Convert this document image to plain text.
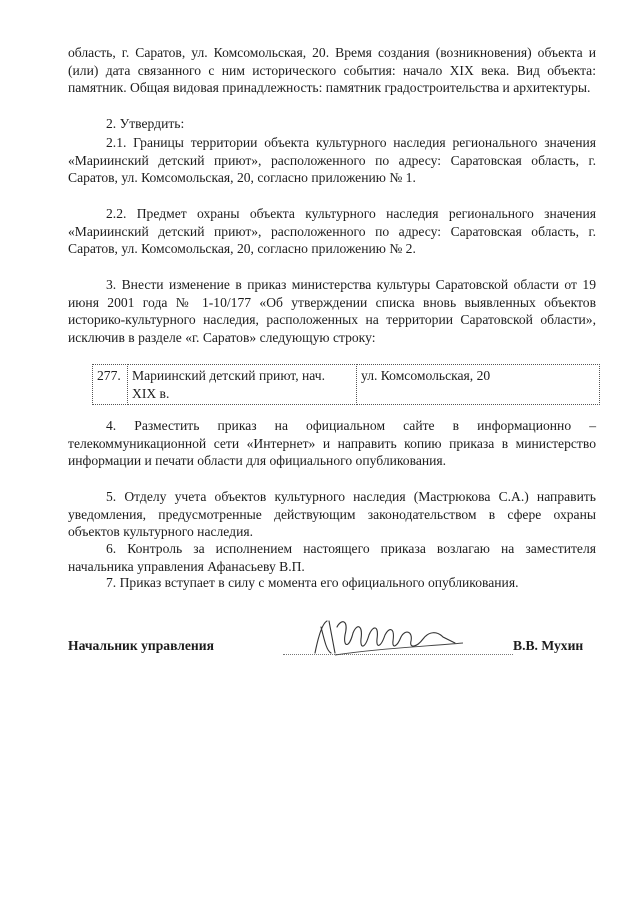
область, г. Саратов, ул. Комсомольская, 20. Время создания (возникновения) объекта и (или) дата связанного с ним исторического события: начало XIX века. Вид объекта: памятник. Общая видовая принадлежность: памятник градостроительства и архитектуры.

2. Утвердить:

2.1. Границы территории объекта культурного наследия регионального значения «Мариинский детский приют», расположенного по адресу: Саратовская область, г. Саратов, ул. Комсомольская, 20, согласно приложению № 1.

2.2. Предмет охраны объекта культурного наследия регионального значения «Мариинский детский приют», расположенного по адресу: Саратовская область, г. Саратов, ул. Комсомольская, 20, согласно приложению № 2.

3. Внести изменение в приказ министерства культуры Саратовской области от 19 июня 2001 года № 1-10/177 «Об утверждении списка вновь выявленных объектов историко-культурного наследия, расположенных на территории Саратовской области», исключив в разделе «г. Саратов» следующую строку:

277.	Мариинский детский приют, нач. XIX в.	ул. Комсомольская, 20

4. Разместить приказ на официальном сайте в информационно – телекоммуникационной сети «Интернет» и направить копию приказа в министерство информации и печати области для официального опубликования.

5. Отделу учета объектов культурного наследия (Мастрюкова С.А.) направить уведомления, предусмотренные действующим законодательством в сфере охраны объектов культурного наследия.

6. Контроль за исполнением настоящего приказа возлагаю на заместителя начальника управления Афанасьеву В.П.

7. Приказ вступает в силу с момента его официального опубликования.

Начальник управления	В.В. Мухин
